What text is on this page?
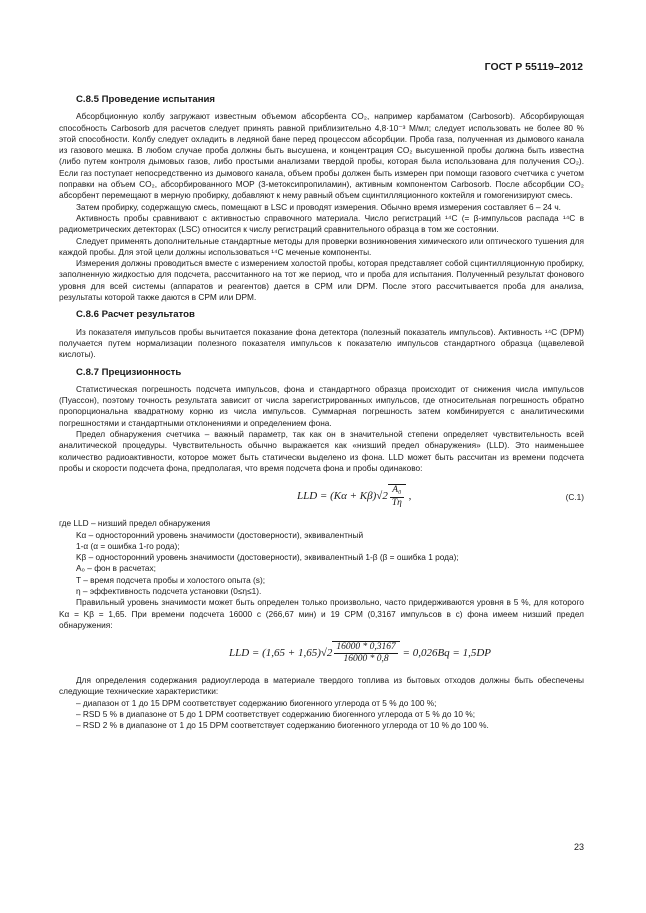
ГОСТ Р 55119–2012
С.8.5 Проведение испытания

Абсорбционную колбу загружают известным объемом абсорбента CO₂, например карбаматом (Carbosorb). Абсорбирующая способность Carbosorb для расчетов следует принять равной приблизительно 4,8·10⁻³ М/мл; следует использовать не более 80 % этой способности. Колбу следует охладить в ледяной бане перед процессом абсорбции. Проба газа, полученная из дымового канала из газового мешка. В любом случае проба должны быть высушена, и концентрация CO₂ высушенной пробы должна быть известна (либо путем контроля дымовых газов, либо простыми анализами твердой пробы, которая была использована для получения CO₂). Если газ поступает непосредственно из дымового канала, объем пробы должен быть измерен при помощи газового счетчика с учетом поправки на объем CO₂, абсорбированного МОР (3-метоксипропиламин), активным компонентом Carbosorb. После абсорбции CO₂ абсорбент перемещают в мерную пробирку, добавляют к нему равный объем сцинтилляционного коктейля и гомогенизируют смесь.

Затем пробирку, содержащую смесь, помещают в LSC и проводят измерения. Обычно время измерения составляет 6 – 24 ч.

Активность пробы сравнивают с активностью справочного материала. Число регистраций ¹⁴C (= β-импульсов распада ¹⁴C в радиометрических детекторах (LSC) относится к числу регистраций сравнительного образца в том же состоянии.

Следует применять дополнительные стандартные методы для проверки возникновения химического или оптического тушения для каждой пробы. Для этой цели должны использоваться ¹⁴C меченые компоненты.

Измерения должны проводиться вместе с измерением холостой пробы, которая представляет собой сцинтилляционную пробирку, заполненную жидкостью для подсчета, рассчитанного на тот же период, что и проба для испытания. Полученный результат фонового уровня для всей системы (аппаратов и реагентов) дается в CPM или DPM. После этого рассчитывается проба для анализа, результаты которой также даются в CPM или DPM.

С.8.6 Расчет результатов

Из показателя импульсов пробы вычитается показание фона детектора (полезный показатель импульсов). Активность ¹⁴C (DPM) получается путем нормализации полезного показателя импульсов к показателю импульсов стандартного образца (щавелевой кислоты).

С.8.7 Прецизионность

Статистическая погрешность подсчета импульсов, фона и стандартного образца происходит от снижения числа импульсов (Пуассон), поэтому точность результата зависит от числа зарегистрированных импульсов, где относительная погрешность обратно пропорциональна квадратному корню из числа импульсов. Суммарная погрешность затем комбинируется с аналитическими погрешностями и стандартными отклонениями и определением фона.

Предел обнаружения счетчика – важный параметр, так как он в значительной степени определяет чувствительность всей аналитической процедуры. Чувствительность обычно выражается как «низший предел обнаружения» (LLD). Это наименьшее количество радиоактивности, которое может быть статически выделено из фона. LLD может быть рассчитан из времени подсчета пробы и скорости подсчета фона, предполагая, что время подсчета фона и пробы одинаково:

LLD = $(K\alpha + K\beta)√2 \frac{\text{A₀}}{T\eta}$ ,	(С.1)

где LLD – низший предел обнаружения

Kα – односторонний уровень значимости (достоверности), эквивалентный
1-α (α = ошибка 1-го рода);
Kβ – односторонний уровень значимости (достоверности), эквивалентный 1-β (β = ошибка 1 рода);
A₀ – фон в расчетах;
T – время подсчета пробы и холостого опыта (s);
η – эффективность подсчета установки (0≤η≤1).

Правильный уровень значимости может быть определен только произвольно, часто придерживаются уровня в 5 %, для которого Kα = Kβ = 1,65. При времени подсчета 16000 с (266,67 мин) и 19 CPM (0,3167 импульсов в с) фона имеем низший предел обнаружения:

LLD = $(1,65 + 1,65)√2 \frac{16000 * 0,3167}{16000 * 0,8} = 0,026Bq = 1,5DP$

Для определения содержания радиоуглерода в материале твердого топлива из бытовых отходов должны быть обеспечены следующие технические характеристики:

– диапазон от 1 до 15 DPM соответствует содержанию биогенного углерода от 5 % до 100 %;
– RSD 5 % в диапазоне от 5 до 1 DPM соответствует содержанию биогенного углерода от 5 % до 10 %;
– RSD 2 % в диапазоне от 1 до 15 DPM соответствует содержанию биогенного углерода от 10 % до 100 %.
23
